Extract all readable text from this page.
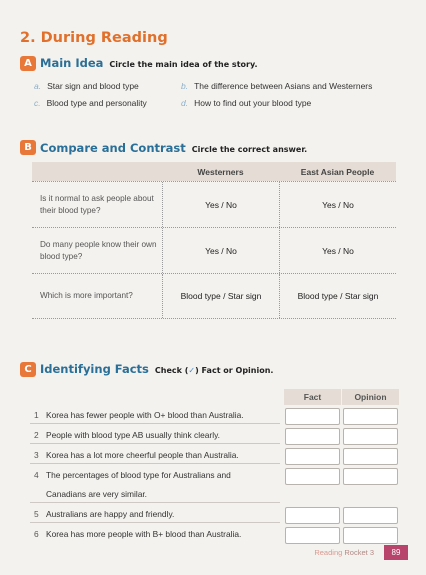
2. During Reading
A Main Idea Circle the main idea of the story.
a. Star sign and blood type	b. The difference between Asians and Westerners
c. Blood type and personality	d. How to find out your blood type
B Compare and Contrast Circle the correct answer.
Westerners	East Asian People
Is it normal to ask people about their blood type?
Yes / No	Yes / No
Do many people know their own blood type?
Yes / No	Yes / No
Which is more important?	Blood type / Star sign	Blood type / Star sign
C Identifying Facts Check (✓) Fact or Opinion.
Fact	Opinion
1 Korea has fewer people with O+ blood than Australia.
2 People with blood type AB usually think clearly.
3 Korea has a lot more cheerful people than Australia.
4 The percentages of blood type for Australians and
Canadians are very similar.
5 Australians are happy and friendly.
6 Korea has more people with B+ blood than Australia.
Reading Rocket 3	89
